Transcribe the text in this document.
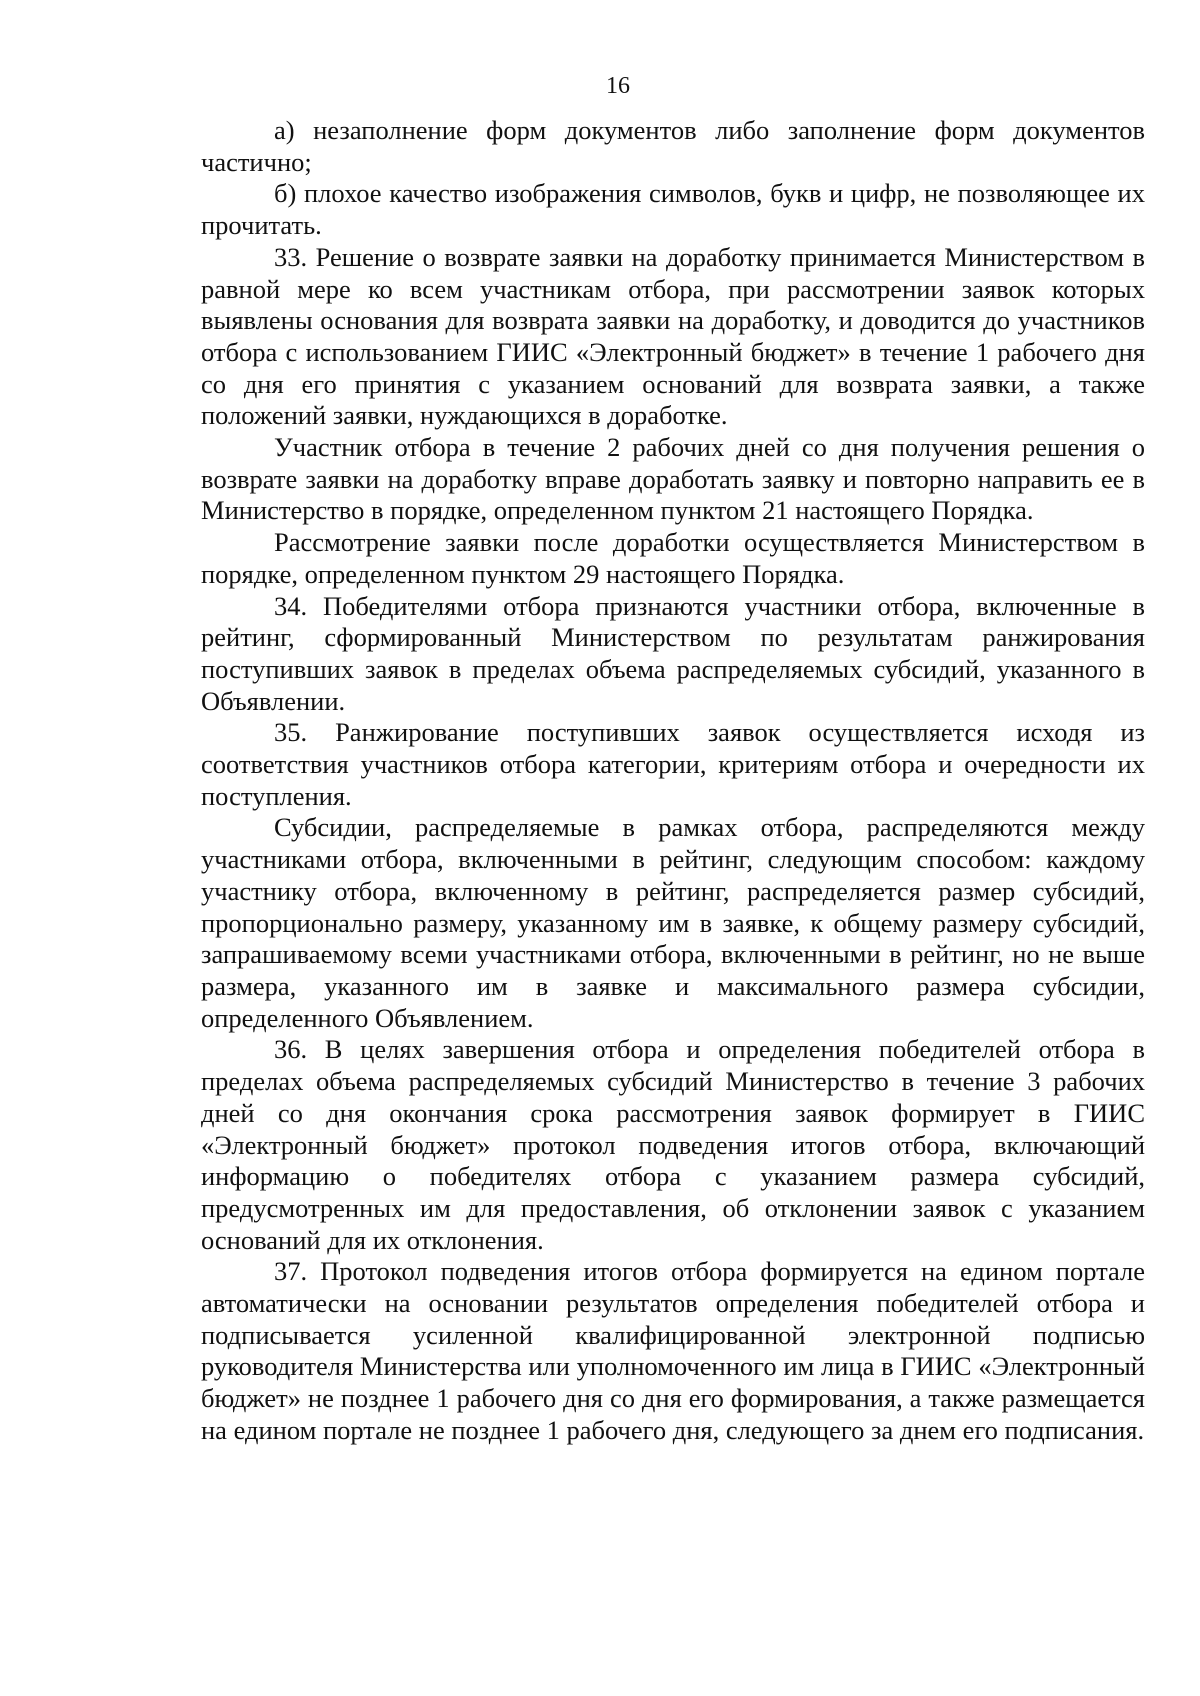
16

а) незаполнение форм документов либо заполнение форм документов частично;

б) плохое качество изображения символов, букв и цифр, не позволяющее их прочитать.

33. Решение о возврате заявки на доработку принимается Министерством в равной мере ко всем участникам отбора, при рассмотрении заявок которых выявлены основания для возврата заявки на доработку, и доводится до участников отбора с использованием ГИИС «Электронный бюджет» в течение 1 рабочего дня со дня его принятия с указанием оснований для возврата заявки, а также положений заявки, нуждающихся в доработке.

Участник отбора в течение 2 рабочих дней со дня получения решения о возврате заявки на доработку вправе доработать заявку и повторно направить ее в Министерство в порядке, определенном пунктом 21 настоящего Порядка.

Рассмотрение заявки после доработки осуществляется Министерством в порядке, определенном пунктом 29 настоящего Порядка.

34. Победителями отбора признаются участники отбора, включенные в рейтинг, сформированный Министерством по результатам ранжирования поступивших заявок в пределах объема распределяемых субсидий, указанного в Объявлении.

35. Ранжирование поступивших заявок осуществляется исходя из соответствия участников отбора категории, критериям отбора и очередности их поступления.

Субсидии, распределяемые в рамках отбора, распределяются между участниками отбора, включенными в рейтинг, следующим способом: каждому участнику отбора, включенному в рейтинг, распределяется размер субсидий, пропорционально размеру, указанному им в заявке, к общему размеру субсидий, запрашиваемому всеми участниками отбора, включенными в рейтинг, но не выше размера, указанного им в заявке и максимального размера субсидии, определенного Объявлением.

36. В целях завершения отбора и определения победителей отбора в пределах объема распределяемых субсидий Министерство в течение 3 рабочих дней со дня окончания срока рассмотрения заявок формирует в ГИИС «Электронный бюджет» протокол подведения итогов отбора, включающий информацию о победителях отбора с указанием размера субсидий, предусмотренных им для предоставления, об отклонении заявок с указанием оснований для их отклонения.

37. Протокол подведения итогов отбора формируется на едином портале автоматически на основании результатов определения победителей отбора и подписывается усиленной квалифицированной электронной подписью руководителя Министерства или уполномоченного им лица в ГИИС «Электронный бюджет» не позднее 1 рабочего дня со дня его формирования, а также размещается на едином портале не позднее 1 рабочего дня, следующего за днем его подписания.
